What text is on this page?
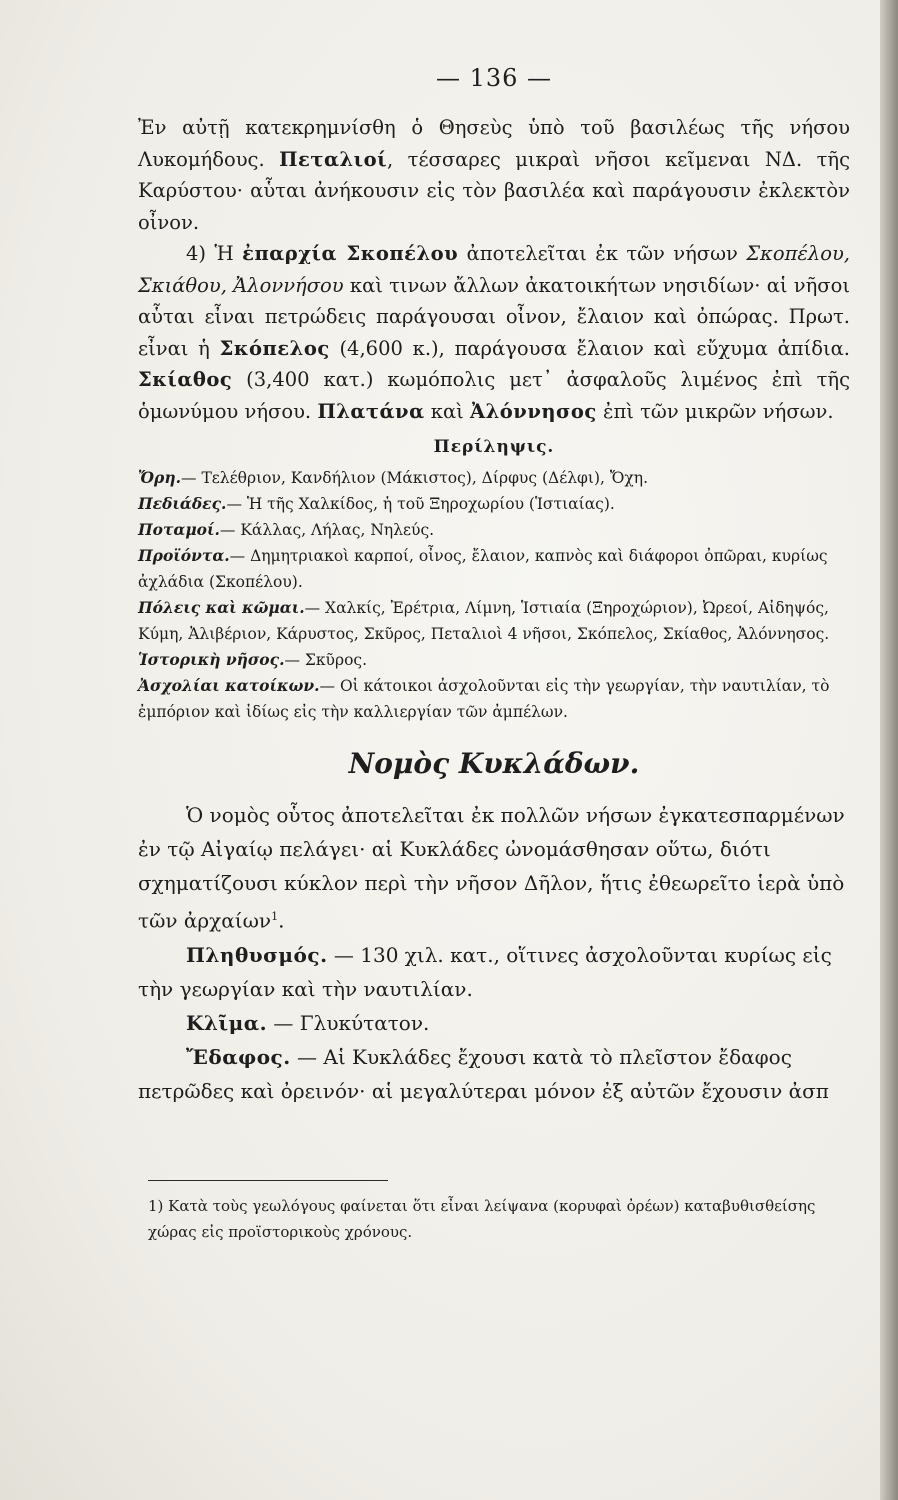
— 136 —

Ἐν αὐτῇ κατεκρημνίσθη ὁ Θησεὺς ὑπὸ τοῦ βασιλέως τῆς νήσου Λυκομήδους. Πεταλιοί, τέσσαρες μικραὶ νῆσοι κεῖμεναι ΝΔ. τῆς Καρύστου· αὗται ἀνήκουσιν εἰς τὸν βασιλέα καὶ παράγουσιν ἐκλεκτὸν οἶνον.

4) Ἡ ἐπαρχία Σκοπέλου ἀποτελεῖται ἐκ τῶν νήσων Σκοπέλου, Σκιάθου, Ἀλοννήσου καὶ τινων ἄλλων ἀκατοικήτων νησιδίων· αἱ νῆσοι αὗται εἶναι πετρώδεις παράγουσαι οἶνον, ἔλαιον καὶ ὀπώρας. Πρωτ. εἶναι ἡ Σκόπελος (4,600 κ.), παράγουσα ἔλαιον καὶ εὔχυμα ἀπίδια. Σκίαθος (3,400 κατ.) κωμόπολις μετ᾽ ἀσφαλοῦς λιμένος ἐπὶ τῆς ὁμωνύμου νήσου. Πλατάνα καὶ Ἀλόννησος ἐπὶ τῶν μικρῶν νήσων.

Περίληψις.

Ὄρη.— Τελέθριον, Κανδήλιον (Μάκιστος), Δίρφυς (Δέλφι), Ὄχη.

Πεδιάδες.— Ἡ τῆς Χαλκίδος, ἡ τοῦ Ξηροχωρίου (Ἱστιαίας).

Ποταμοί.— Κάλλας, Λήλας, Νηλεύς.

Προϊόντα.— Δημητριακοὶ καρποί, οἶνος, ἔλαιον, καπνὸς καὶ διάφοροι ὀπῶραι, κυρίως ἀχλάδια (Σκοπέλου).

Πόλεις καὶ κῶμαι.— Χαλκίς, Ἐρέτρια, Λίμνη, Ἱστιαία (Ξηροχώριον), Ὠρεοί, Αἰδηψός, Κύμη, Ἀλιβέριον, Κάρυστος, Σκῦρος, Πεταλιοὶ 4 νῆσοι, Σκόπελος, Σκίαθος, Ἀλόννησος.

Ἱστορικὴ νῆσος.— Σκῦρος.

Ἀσχολίαι κατοίκων.— Οἱ κάτοικοι ἀσχολοῦνται εἰς τὴν γεωργίαν, τὴν ναυτιλίαν, τὸ ἐμπόριον καὶ ἰδίως εἰς τὴν καλλιεργίαν τῶν ἀμπέλων.

Νομὸς Κυκλάδων.

Ὁ νομὸς οὗτος ἀποτελεῖται ἐκ πολλῶν νήσων ἐγκατεσπαρμένων ἐν τῷ Αἰγαίῳ πελάγει· αἱ Κυκλάδες ὠνομάσθησαν οὕτω, διότι σχηματίζουσι κύκλον περὶ τὴν νῆσον Δῆλον, ἥτις ἐθεωρεῖτο ἱερὰ ὑπὸ τῶν ἀρχαίων$^1$.

Πληθυσμός. — 130 χιλ. κατ., οἵτινες ἀσχολοῦνται κυρίως εἰς τὴν γεωργίαν καὶ τὴν ναυτιλίαν.

Κλῖμα. — Γλυκύτατον.

Ἔδαφος. — Αἱ Κυκλάδες ἔχουσι κατὰ τὸ πλεῖστον ἔδαφος πετρῶδες καὶ ὀρεινόν· αἱ μεγαλύτεραι μόνον ἐξ αὐτῶν ἔχουσιν ἀσπ

1) Κατὰ τοὺς γεωλόγους φαίνεται ὅτι εἶναι λείψανα (κορυφαὶ ὀρέων) καταβυθισθείσης χώρας εἰς προϊστορικοὺς χρόνους.
